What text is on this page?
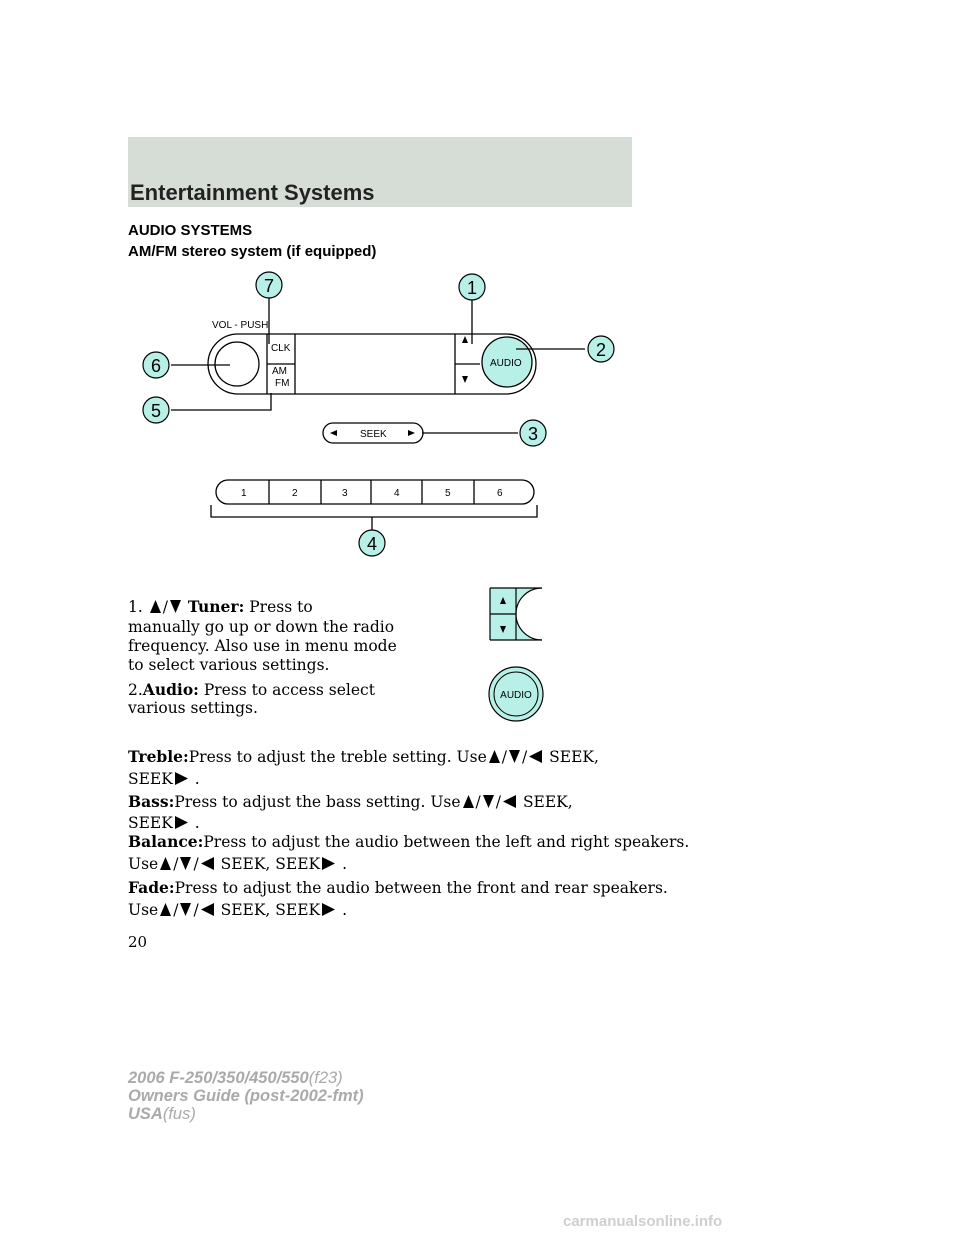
Entertainment Systems
AUDIO SYSTEMS
AM/FM stereo system (if equipped)
VOL - PUSH
CLK
AM
FM
AUDIO
SEEK
1	2	3	4	5	6
1
2
3
4
5
6
7
AUDIO
1. / Tuner: Press to
manually go up or down the radio
frequency. Also use in menu mode
to select various settings.
2.Audio: Press to access select
various settings.
Treble:Press to adjust the treble setting. Use / / SEEK,
SEEK .
Bass:Press to adjust the bass setting. Use / / SEEK,
SEEK .
Balance:Press to adjust the audio between the left and right speakers.
Use / / SEEK, SEEK .
Fade:Press to adjust the audio between the front and rear speakers.
Use / / SEEK, SEEK .
20
2006 F-250/350/450/550(f23)
Owners Guide (post-2002-fmt)
USA(fus)
carmanualsonline.info
